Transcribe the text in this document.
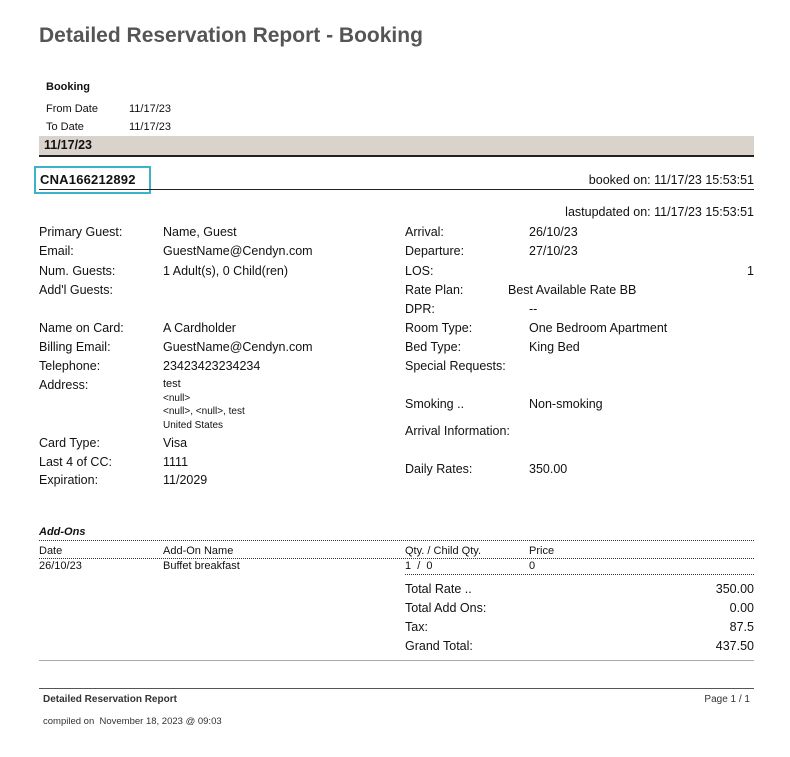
Detailed Reservation Report - Booking
Booking
From Date	11/17/23
To Date	11/17/23
11/17/23
CNA166212892	booked on: 11/17/23 15:53:51
lastupdated on: 11/17/23 15:53:51
Primary Guest:	Name, Guest
Email:	GuestName@Cendyn.com
Num. Guests:	1 Adult(s), 0 Child(ren)
Add'l Guests:
Name on Card:	A Cardholder
Billing Email:	GuestName@Cendyn.com
Telephone:	23423423234234
Address:	test
<null>
<null>, <null>, test
United States
Card Type:	Visa
Last 4 of CC:	1111
Expiration:	11/2029
Arrival:	26/10/23
Departure:	27/10/23
LOS:	1
Rate Plan:	Best Available Rate BB
DPR:	--
Room Type:	One Bedroom Apartment
Bed Type:	King Bed
Special Requests:
Smoking ..	Non-smoking
Arrival Information:
Daily Rates:	350.00
Add-Ons
Date	Add-On Name	Qty. / Child Qty.	Price
26/10/23	Buffet breakfast	1  /  0	0
Total Rate ..	350.00
Total Add Ons:	0.00
Tax:	87.5
Grand Total:	437.50
Detailed Reservation Report	Page 1 / 1
compiled on  November 18, 2023 @ 09:03
